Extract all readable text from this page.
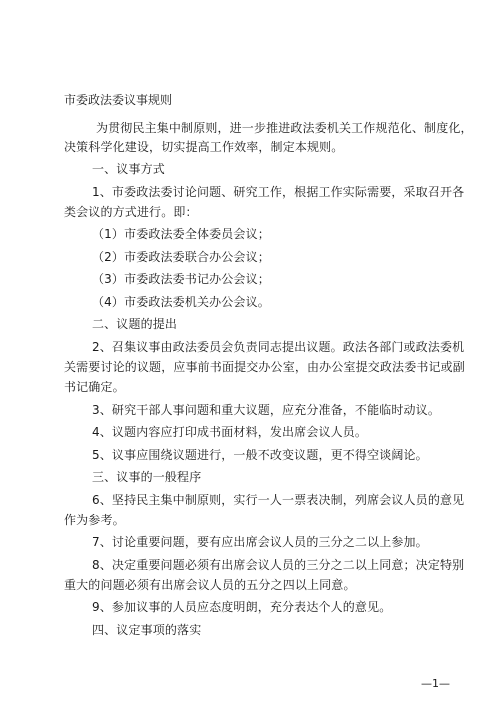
市委政法委议事规则
为贯彻民主集中制原则，进一步推进政法委机关工作规范化、制度化，
决策科学化建设，切实提高工作效率，制定本规则。
一、议事方式
1、市委政法委讨论问题、研究工作，根据工作实际需要，采取召开各
类会议的方式进行。即：
（1）市委政法委全体委员会议；
（2）市委政法委联合办公会议；
（3）市委政法委书记办公会议；
（4）市委政法委机关办公会议。
二、议题的提出
2、召集议事由政法委员会负责同志提出议题。政法各部门或政法委机
关需要讨论的议题，应事前书面提交办公室，由办公室提交政法委书记或副
书记确定。
3、研究干部人事问题和重大议题，应充分准备，不能临时动议。
4、议题内容应打印成书面材料，发出席会议人员。
5、议事应围绕议题进行，一般不改变议题，更不得空谈阔论。
三、议事的一般程序
6、坚持民主集中制原则，实行一人一票表决制，列席会议人员的意见
作为参考。
7、讨论重要问题，要有应出席会议人员的三分之二以上参加。
8、决定重要问题必须有出席会议人员的三分之二以上同意；决定特别
重大的问题必须有出席会议人员的五分之四以上同意。
9、参加议事的人员应态度明朗，充分表达个人的意见。
四、议定事项的落实
—1—
